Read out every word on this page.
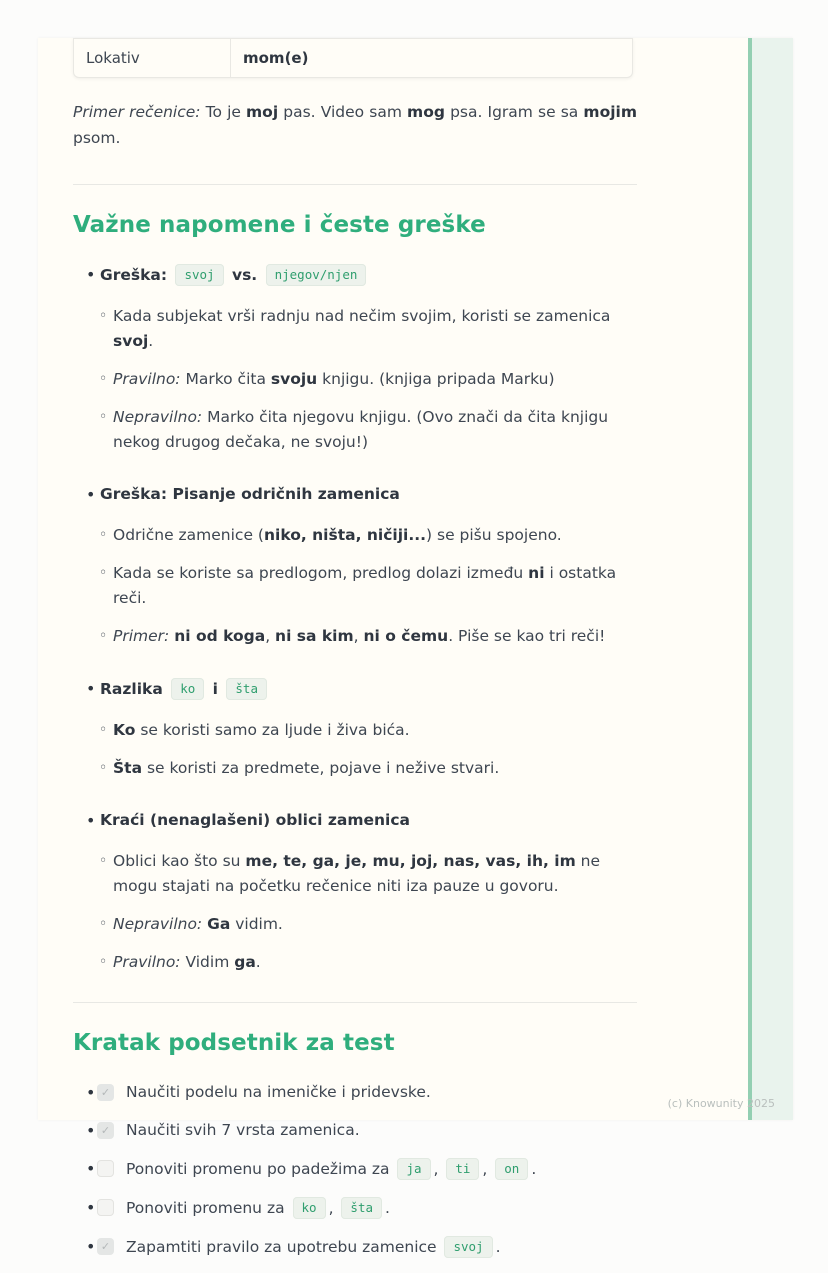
Lokativ	mom(e)

Primer rečenice: To je moj pas. Video sam mog psa. Igram se sa mojim psom.

Važne napomene i česte greške
• Greška: svoj vs. njegov/njen
◦ Kada subjekat vrši radnju nad nečim svojim, koristi se zamenica svoj.
◦ Pravilno: Marko čita svoju knjigu. (knjiga pripada Marku)
◦ Nepravilno: Marko čita njegovu knjigu. (Ovo znači da čita knjigu nekog drugog dečaka, ne svoju!)
• Greška: Pisanje odričnih zamenica
◦ Odrične zamenice (niko, ništa, ničiji...) se pišu spojeno.
◦ Kada se koriste sa predlogom, predlog dolazi između ni i ostatka reči.
◦ Primer: ni od koga, ni sa kim, ni o čemu. Piše se kao tri reči!
• Razlika ko i šta
◦ Ko se koristi samo za ljude i živa bića.
◦ Šta se koristi za predmete, pojave i nežive stvari.
• Kraći (nenaglašeni) oblici zamenica
◦ Oblici kao što su me, te, ga, je, mu, joj, nas, vas, ih, im ne mogu stajati na početku rečenice niti iza pauze u govoru.
◦ Nepravilno: Ga vidim.
◦ Pravilno: Vidim ga.
Kratak podsetnik za test
• ✓ Naučiti podelu na imeničke i pridevske.
• ✓ Naučiti svih 7 vrsta zamenica.
• Ponoviti promenu po padežima za ja , ti , on .
• Ponoviti promenu za ko , šta .
• ✓ Zapamtiti pravilo za upotrebu zamenice svoj .
(c) Knowunity 2025
